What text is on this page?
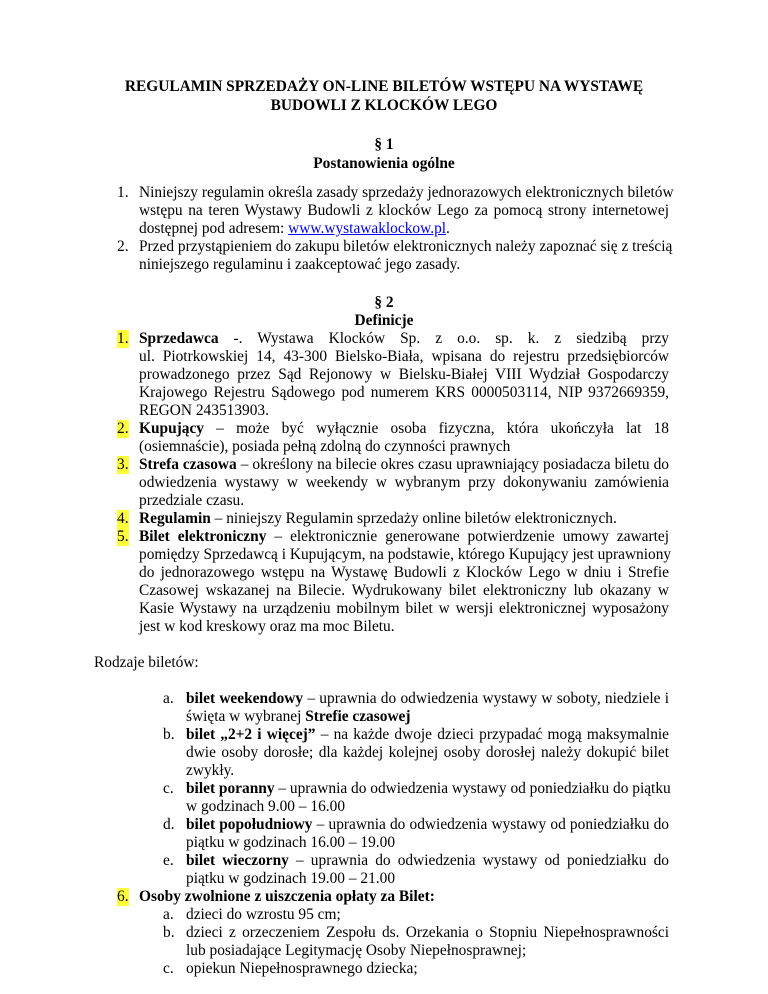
REGULAMIN SPRZEDAŻY ON-LINE BILETÓW WSTĘPU NA WYSTAWĘ
BUDOWLI Z KLOCKÓW LEGO
§ 1
Postanowienia ogólne
1. Niniejszy regulamin określa zasady sprzedaży jednorazowych elektronicznych biletów
wstępu na teren Wystawy Budowli z klocków Lego za pomocą strony internetowej
dostępnej pod adresem: www.wystawaklockow.pl.
2. Przed przystąpieniem do zakupu biletów elektronicznych należy zapoznać się z treścią
niniejszego regulaminu i zaakceptować jego zasady.
§ 2
Definicje
1. Sprzedawca -. Wystawa Klocków Sp. z o.o. sp. k. z siedzibą przy
ul. Piotrkowskiej 14, 43-300 Bielsko-Biała, wpisana do rejestru przedsiębiorców
prowadzonego przez Sąd Rejonowy w Bielsku-Białej VIII Wydział Gospodarczy
Krajowego Rejestru Sądowego pod numerem KRS 0000503114, NIP 9372669359,
REGON 243513903.
2. Kupujący – może być wyłącznie osoba fizyczna, która ukończyła lat 18
(osiemnaście), posiada pełną zdolną do czynności prawnych
3. Strefa czasowa – określony na bilecie okres czasu uprawniający posiadacza biletu do
odwiedzenia wystawy w weekendy w wybranym przy dokonywaniu zamówienia
przedziale czasu.
4. Regulamin – niniejszy Regulamin sprzedaży online biletów elektronicznych.
5. Bilet elektroniczny – elektronicznie generowane potwierdzenie umowy zawartej
pomiędzy Sprzedawcą i Kupującym, na podstawie, którego Kupujący jest uprawniony
do jednorazowego wstępu na Wystawę Budowli z Klocków Lego w dniu i Strefie
Czasowej wskazanej na Bilecie. Wydrukowany bilet elektroniczny lub okazany w
Kasie Wystawy na urządzeniu mobilnym bilet w wersji elektronicznej wyposażony
jest w kod kreskowy oraz ma moc Biletu.
Rodzaje biletów:
a. bilet weekendowy – uprawnia do odwiedzenia wystawy w soboty, niedziele i
święta w wybranej Strefie czasowej
b. bilet „2+2 i więcej” – na każde dwoje dzieci przypadać mogą maksymalnie
dwie osoby dorosłe; dla każdej kolejnej osoby dorosłej należy dokupić bilet
zwykły.
c. bilet poranny – uprawnia do odwiedzenia wystawy od poniedziałku do piątku
w godzinach 9.00 – 16.00
d. bilet popołudniowy – uprawnia do odwiedzenia wystawy od poniedziałku do
piątku w godzinach 16.00 – 19.00
e. bilet wieczorny – uprawnia do odwiedzenia wystawy od poniedziałku do
piątku w godzinach 19.00 – 21.00
6. Osoby zwolnione z uiszczenia opłaty za Bilet:
a. dzieci do wzrostu 95 cm;
b. dzieci z orzeczeniem Zespołu ds. Orzekania o Stopniu Niepełnosprawności
lub posiadające Legitymację Osoby Niepełnosprawnej;
c. opiekun Niepełnosprawnego dziecka;
